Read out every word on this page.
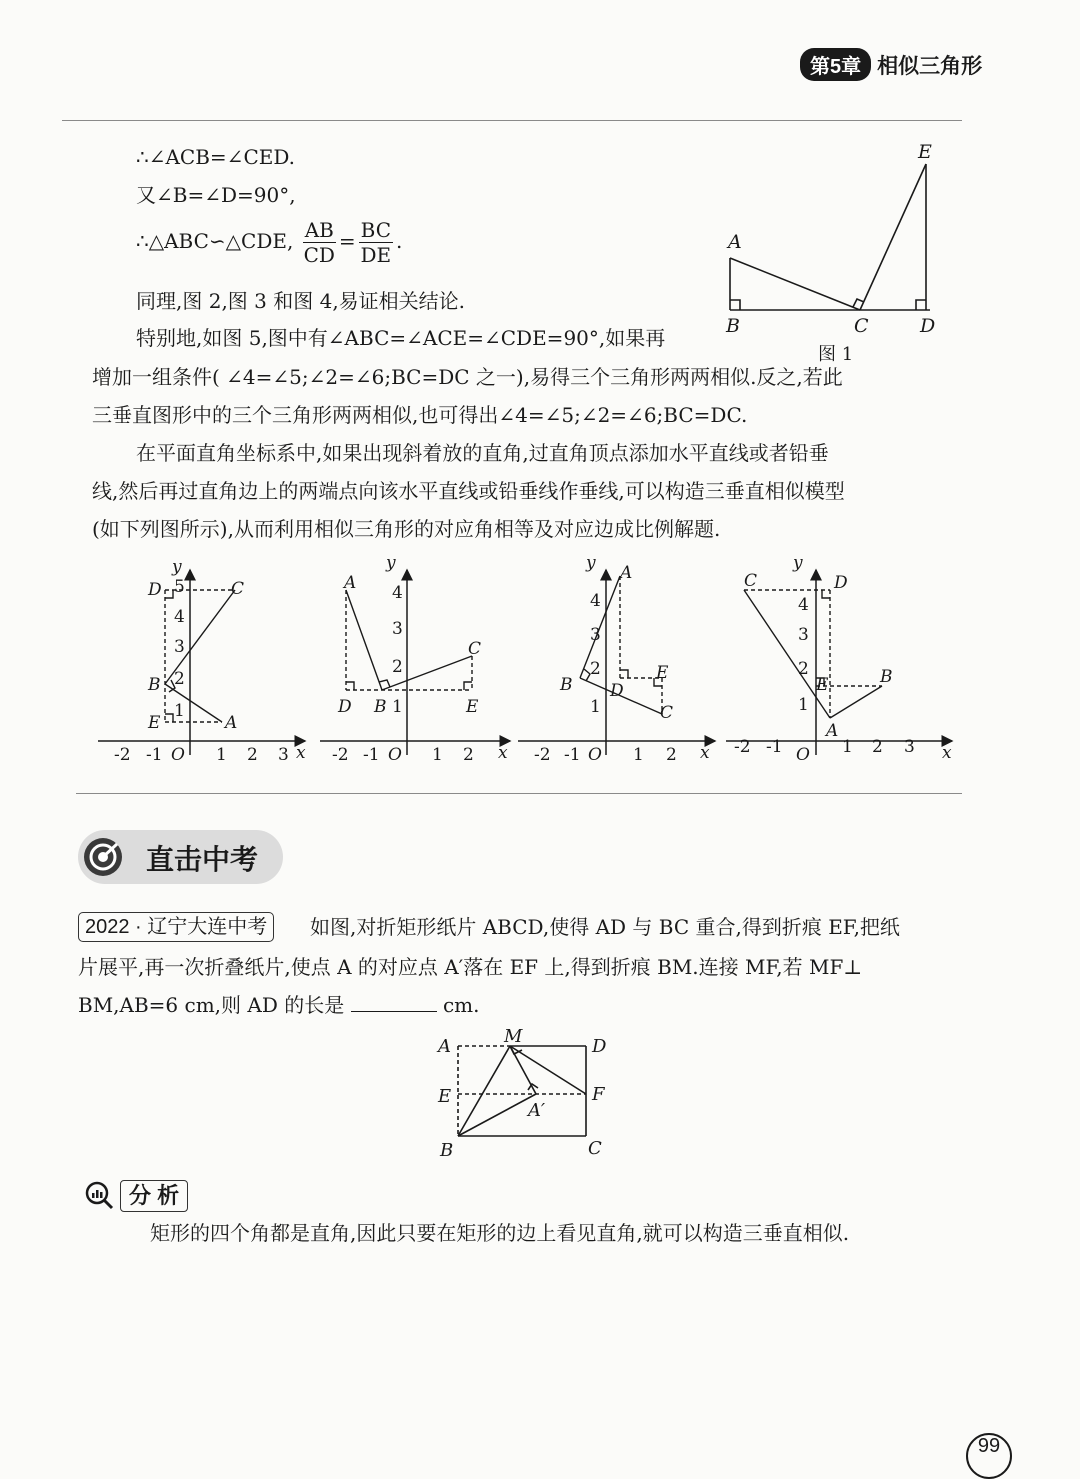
第5章 相似三角形
∴∠ACB=∠CED.
又∠B=∠D=90°,
∴△ABC∽△CDE, $\frac{AB}{CD} = \frac{BC}{DE}$ .
同理,图 2,图 3 和图 4,易证相关结论.
特别地,如图 5,图中有∠ABC=∠ACE=∠CDE=90°,如果再
增加一组条件( ∠4=∠5;∠2=∠6;BC=DC 之一),易得三个三角形两两相似.反之,若此
三垂直图形中的三个三角形两两相似,也可得出∠4=∠5;∠2=∠6;BC=DC.
在平面直角坐标系中,如果出现斜着放的直角,过直角顶点添加水平直线或者铅垂
线,然后再过直角边上的两端点向该水平直线或铅垂线作垂线,可以构造三垂直相似模型
(如下列图所示),从而利用相似三角形的对应角相等及对应边成比例解题.
A
B	C	D
E
图 1
x
y
O
A
B
C
D
E
-2 -1	1 2 3
1
2
3
4
5
x
y
O
A
B
C
D	E
-2 -1	1 2
1
2
3
4
x
y
O
A
B
C
D
E
-2 -1	1 2
1
2
3
4
x
y
O
A
B
C	D
E
-2 -1	1 2 3
1
2
3
4
直击中考
2022 · 辽宁大连中考	如图,对折矩形纸片 ABCD,使得 AD 与 BC 重合,得到折痕 EF,把纸
片展平,再一次折叠纸片,使点 A 的对应点 A′落在 EF 上,得到折痕 BM.连接 MF,若 MF⊥
BM,AB=6 cm,则 AD 的长是	cm.
A	M	D
E	F
A′
B	C
分 析
矩形的四个角都是直角,因此只要在矩形的边上看见直角,就可以构造三垂直相似.
99
